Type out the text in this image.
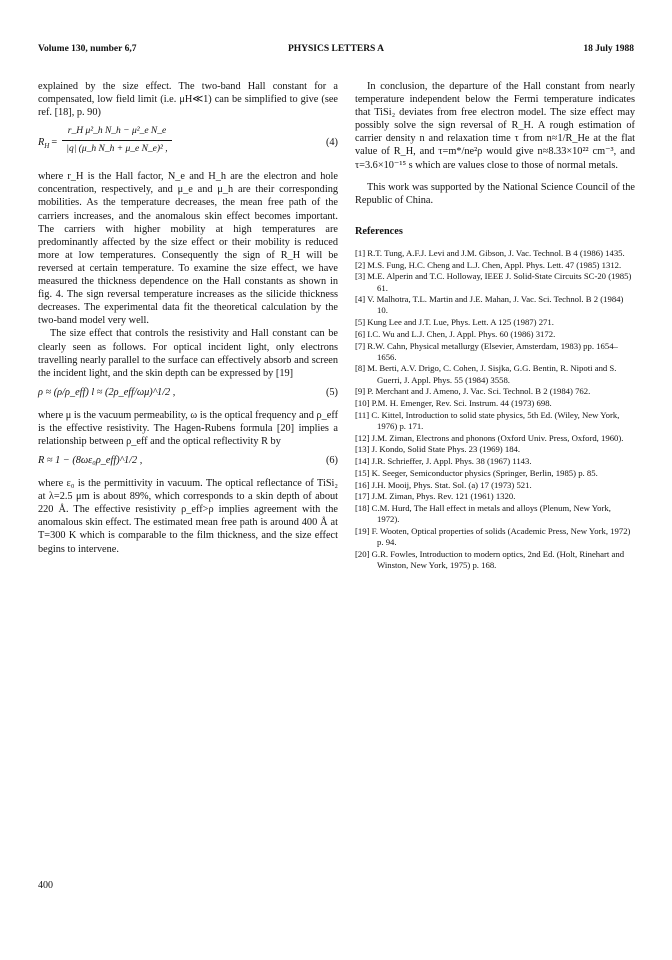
Volume 130, number 6,7	PHYSICS LETTERS A	18 July 1988

explained by the size effect. The two-band Hall constant for a compensated, low field limit (i.e. μH≪1) can be simplified to give (see ref. [18], p. 90)

$R_H$ =
r_H μ²_h N_h − μ²_e N_e
|q| (μ_h N_h + μ_e N_e)² ,
(4)

where r_H is the Hall factor, N_e and H_h are the electron and hole concentration, respectively, and μ_e and μ_h are their corresponding mobilities. As the temperature decreases, the mean free path of the carriers increases, and the anomalous skin effect becomes important. The carriers with higher mobility at high temperatures are predominantly affected by the size effect or their mobility is reduced more at low temperatures. Consequently the sign of R_H will be reversed at certain temperature. To examine the size effect, we have measured the thickness dependence on the Hall constants as shown in fig. 4. The sign reversal temperature increases as the silicide thickness decreases. The experimental data fit the theoretical calculation by the two-band model very well.

The size effect that controls the resistivity and Hall constant can be clearly seen as follows. For optical incident light, only electrons travelling nearly parallel to the surface can effectively absorb and screen the incident light, and the skin depth can be expressed by [19]

ρ ≈ (ρ/ρ_eff) l ≈ (2ρ_eff/ωμ)^1/2 ,	(5)

where μ is the vacuum permeability, ω is the optical frequency and ρ_eff is the effective resistivity. The Hagen-Rubens formula [20] implies a relationship between ρ_eff and the optical reflectivity R by

R ≈ 1 − (8ωε₀ρ_eff)^1/2 ,	(6)

where ε₀ is the permittivity in vacuum. The optical reflectance of TiSi₂ at λ=2.5 μm is about 89%, which corresponds to a skin depth of about 220 Å. The effective resistivity ρ_eff>ρ implies agreement with the anomalous skin effect. The estimated mean free path is around 400 Å at T=300 K which is comparable to the film thickness, and the size effect begins to intervene.

In conclusion, the departure of the Hall constant from nearly temperature independent below the Fermi temperature indicates that TiSi₂ deviates from free electron model. The size effect may possibly solve the sign reversal of R_H. A rough estimation of carrier density n and relaxation time τ from n≈1/R_He at the flat value of R_H, and τ=m*/ne²ρ would give n≈8.33×10²² cm⁻³, and τ=3.6×10⁻¹⁵ s which are values close to those of normal metals.

This work was supported by the National Science Council of the Republic of China.

References
[1] R.T. Tung, A.F.J. Levi and J.M. Gibson, J. Vac. Technol. B 4 (1986) 1435.
[2] M.S. Fung, H.C. Cheng and L.J. Chen, Appl. Phys. Lett. 47 (1985) 1312.
[3] M.E. Alperin and T.C. Holloway, IEEE J. Solid-State Circuits SC-20 (1985) 61.
[4] V. Malhotra, T.L. Martin and J.E. Mahan, J. Vac. Sci. Technol. B 2 (1984) 10.
[5] Kung Lee and J.T. Lue, Phys. Lett. A 125 (1987) 271.
[6] I.C. Wu and L.J. Chen, J. Appl. Phys. 60 (1986) 3172.
[7] R.W. Cahn, Physical metallurgy (Elsevier, Amsterdam, 1983) pp. 1654–1656.
[8] M. Berti, A.V. Drigo, C. Cohen, J. Sisjka, G.G. Bentin, R. Nipoti and S. Guerri, J. Appl. Phys. 55 (1984) 3558.
[9] P. Merchant and J. Ameno, J. Vac. Sci. Technol. B 2 (1984) 762.
[10] P.M. H. Emenger, Rev. Sci. Instrum. 44 (1973) 698.
[11] C. Kittel, Introduction to solid state physics, 5th Ed. (Wiley, New York, 1976) p. 171.
[12] J.M. Ziman, Electrons and phonons (Oxford Univ. Press, Oxford, 1960).
[13] J. Kondo, Solid State Phys. 23 (1969) 184.
[14] J.R. Schrieffer, J. Appl. Phys. 38 (1967) 1143.
[15] K. Seeger, Semiconductor physics (Springer, Berlin, 1985) p. 85.
[16] J.H. Mooij, Phys. Stat. Sol. (a) 17 (1973) 521.
[17] J.M. Ziman, Phys. Rev. 121 (1961) 1320.
[18] C.M. Hurd, The Hall effect in metals and alloys (Plenum, New York, 1972).
[19] F. Wooten, Optical properties of solids (Academic Press, New York, 1972) p. 94.
[20] G.R. Fowles, Introduction to modern optics, 2nd Ed. (Holt, Rinehart and Winston, New York, 1975) p. 168.
400
